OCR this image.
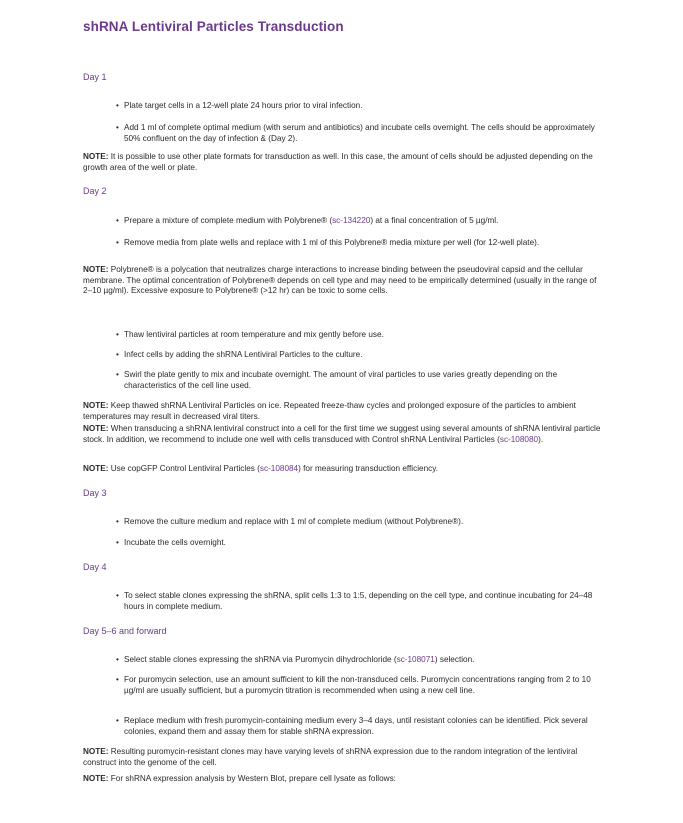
shRNA Lentiviral Particles Transduction
Day 1
• Plate target cells in a 12-well plate 24 hours prior to viral infection.
• Add 1 ml of complete optimal medium (with serum and antibiotics) and incubate cells overnight. The cells should be approximately 50% confluent on the day of infection & (Day 2).
NOTE: It is possible to use other plate formats for transduction as well. In this case, the amount of cells should be adjusted depending on the growth area of the well or plate.
Day 2
• Prepare a mixture of complete medium with Polybrene® (sc-134220) at a final concentration of 5 µg/ml.
• Remove media from plate wells and replace with 1 ml of this Polybrene® media mixture per well (for 12-well plate).
NOTE: Polybrene® is a polycation that neutralizes charge interactions to increase binding between the pseudoviral capsid and the cellular membrane. The optimal concentration of Polybrene® depends on cell type and may need to be empirically determined (usually in the range of 2–10 µg/ml). Excessive exposure to Polybrene® (>12 hr) can be toxic to some cells.
• Thaw lentiviral particles at room temperature and mix gently before use.
• Infect cells by adding the shRNA Lentiviral Particles to the culture.
• Swirl the plate gently to mix and incubate overnight. The amount of viral particles to use varies greatly depending on the characteristics of the cell line used.
NOTE: Keep thawed shRNA Lentiviral Particles on ice. Repeated freeze-thaw cycles and prolonged exposure of the particles to ambient temperatures may result in decreased viral titers.
NOTE: When transducing a shRNA lentiviral construct into a cell for the first time we suggest using several amounts of shRNA lentiviral particle stock. In addition, we recommend to include one well with cells transduced with Control shRNA Lentiviral Particles (sc-108080).
NOTE: Use copGFP Control Lentiviral Particles (sc-108084) for measuring transduction efficiency.
Day 3
• Remove the culture medium and replace with 1 ml of complete medium (without Polybrene®).
• Incubate the cells overnight.
Day 4
• To select stable clones expressing the shRNA, split cells 1:3 to 1:5, depending on the cell type, and continue incubating for 24–48 hours in complete medium.
Day 5–6 and forward
• Select stable clones expressing the shRNA via Puromycin dihydrochloride (sc-108071) selection.
• For puromycin selection, use an amount sufficient to kill the non-transduced cells. Puromycin concentrations ranging from 2 to 10 µg/ml are usually sufficient, but a puromycin titration is recommended when using a new cell line.
• Replace medium with fresh puromycin-containing medium every 3–4 days, until resistant colonies can be identified. Pick several colonies, expand them and assay them for stable shRNA expression.
NOTE: Resulting puromycin-resistant clones may have varying levels of shRNA expression due to the random integration of the lentiviral construct into the genome of the cell.
NOTE: For shRNA expression analysis by Western Blot, prepare cell lysate as follows:
